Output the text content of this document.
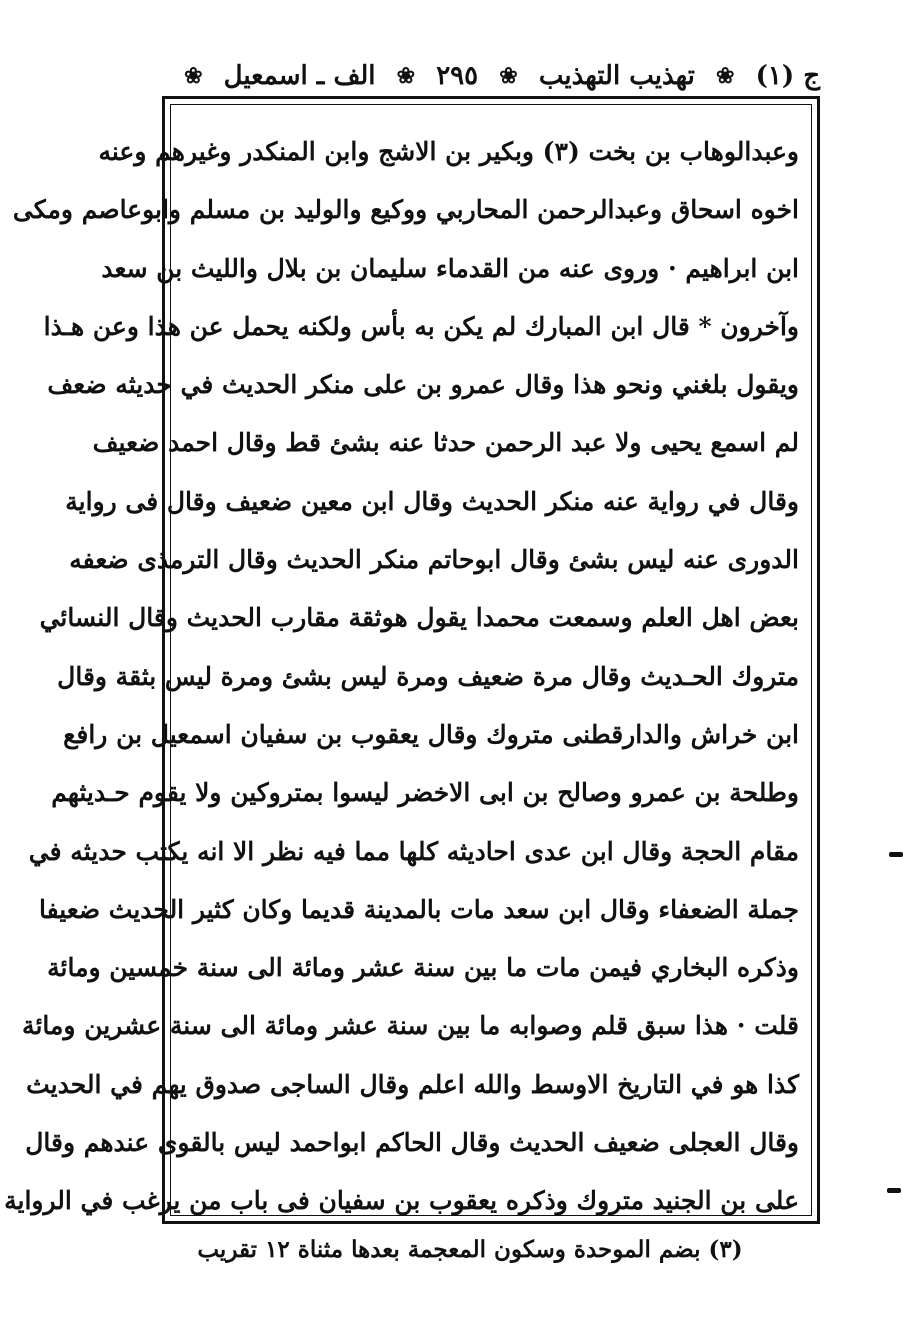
ج (١)
❀
تهذيب التهذيب
❀
٢٩٥
❀
الف ـ اسمعيل
❀
وعبدالوهاب بن بخت (٣) وبكير بن الاشج وابن المنكدر وغيرهم وعنه
اخوه اسحاق وعبدالرحمن المحاربي ووكيع والوليد بن مسلم وابوعاصم ومكى
ابن ابراهيم · وروى عنه من القدماء سليمان بن بلال والليث بن سعد
وآخرون * قال ابن المبارك لم يكن به بأس ولكنه يحمل عن هذا وعن هـذا
ويقول بلغني ونحو هذا وقال عمرو بن على منكر الحديث في حديثه ضعف
لم اسمع يحيى ولا عبد الرحمن حدثا عنه بشئ قط وقال احمد ضعيف
وقال في رواية عنه منكر الحديث وقال ابن معين ضعيف وقال فى رواية
الدورى عنه ليس بشئ وقال ابوحاتم منكر الحديث وقال الترمذى ضعفه
بعض اهل العلم وسمعت محمدا يقول هوثقة مقارب الحديث وقال النسائي
متروك الحـديث وقال مرة ضعيف ومرة ليس بشئ ومرة ليس بثقة وقال
ابن خراش والدارقطنى متروك وقال يعقوب بن سفيان اسمعيل بن رافع
وطلحة بن عمرو وصالح بن ابى الاخضر ليسوا بمتروكين ولا يقوم حـديثهم
مقام الحجة وقال ابن عدى احاديثه كلها مما فيه نظر الا انه يكتب حديثه في
جملة الضعفاء وقال ابن سعد مات بالمدينة قديما وكان كثير الحديث ضعيفا
وذكره البخاري فيمن مات ما بين سنة عشر ومائة الى سنة خمسين ومائة
قلت · هذا سبق قلم وصوابه ما بين سنة عشر ومائة الى سنة عشرين ومائة
كذا هو في التاريخ الاوسط والله اعلم وقال الساجى صدوق يهم في الحديث
وقال العجلى ضعيف الحديث وقال الحاكم ابواحمد ليس بالقوى عندهم وقال
على بن الجنيد متروك وذكره يعقوب بن سفيان فى باب من يرغب في الرواية
(٣) بضم الموحدة وسكون المعجمة بعدها مثناة ١٢ تقريب
